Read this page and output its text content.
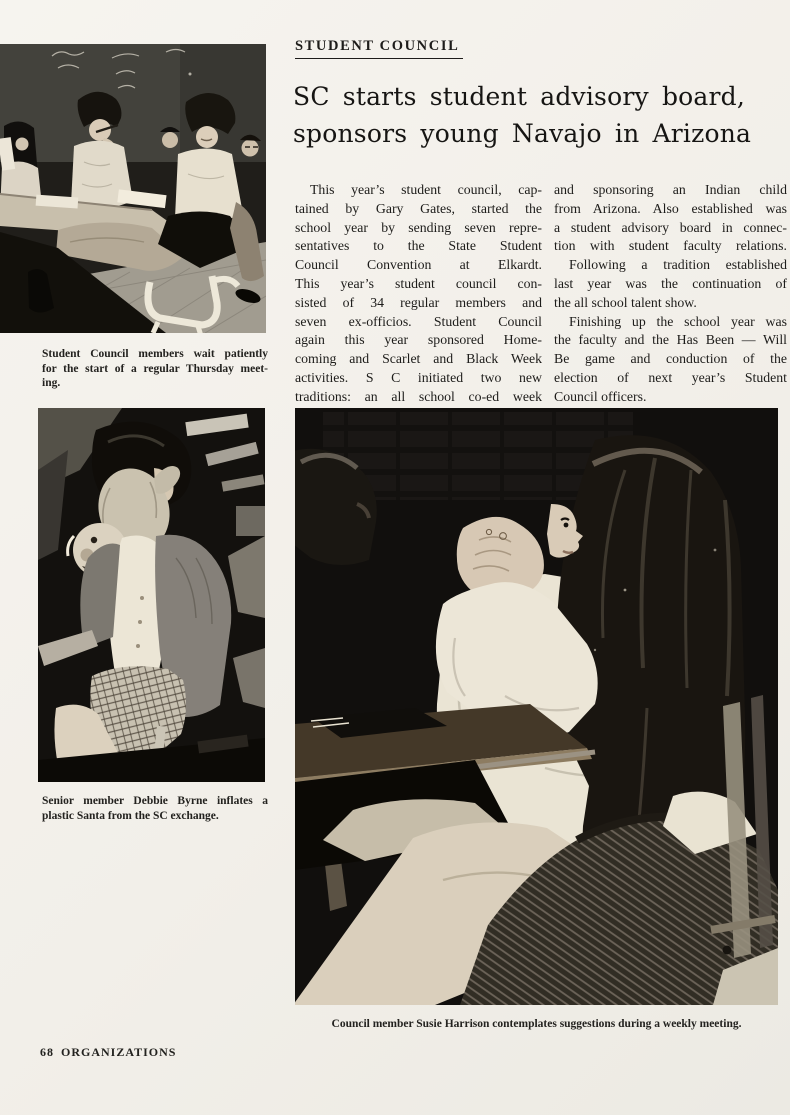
STUDENT COUNCIL
SC starts student advisory board,
sponsors young Navajo in Arizona
This year’s student council, cap-
tained by Gary Gates, started the
school year by sending seven repre-
sentatives to the State Student
Council Convention at Elkardt.
This year’s student council con-
sisted of 34 regular members and
seven ex-officios. Student Council
again this year sponsored Home-
coming and Scarlet and Black Week
activities. S C initiated two new
traditions: an all school co-ed week
and sponsoring an Indian child
from Arizona. Also established was
a student advisory board in connec-
tion with student faculty relations.
Following a tradition established
last year was the continuation of
the all school talent show.
Finishing up the school year was
the faculty and the Has Been — Will
Be game and conduction of the
election of next year’s Student
Council officers.
Student Council members wait patiently
for the start of a regular Thursday meet-
ing.
Senior member Debbie Byrne inflates a
plastic Santa from the SC exchange.
Council member Susie Harrison contemplates suggestions during a weekly meeting.
68 ORGANIZATIONS
